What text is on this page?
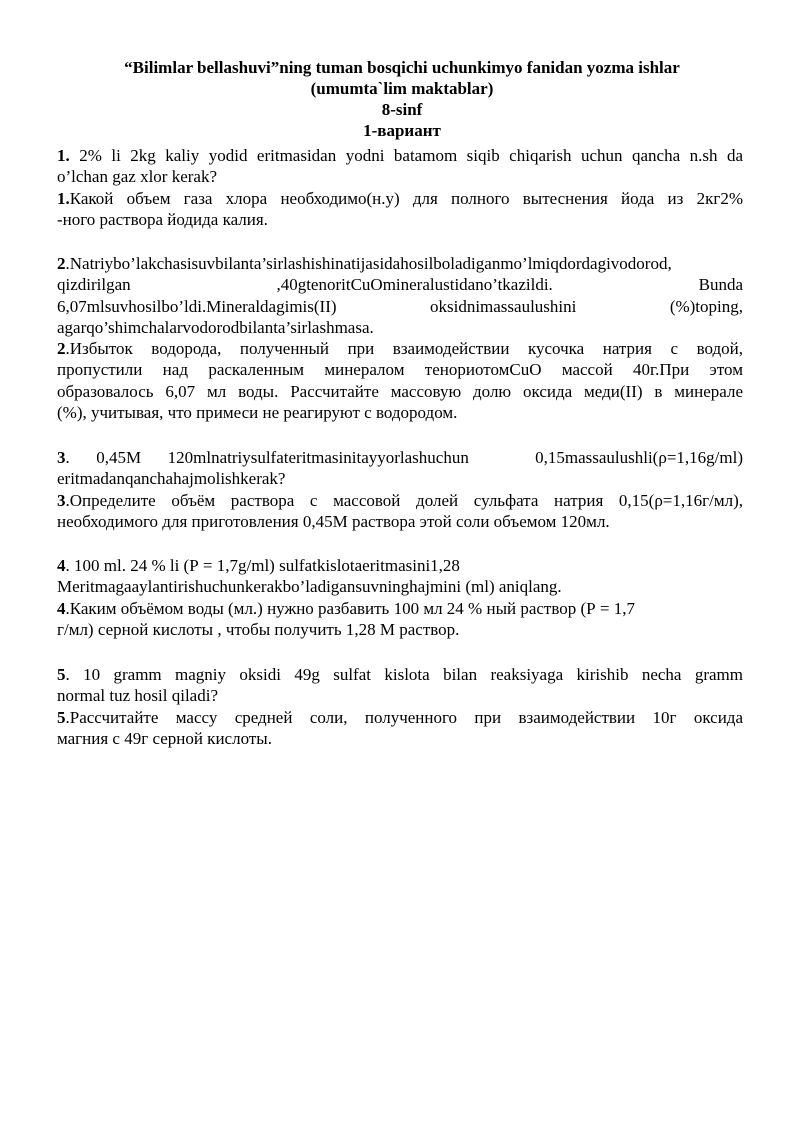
“Bilimlar bellashuvi”ning tuman bosqichi uchunkimyo fanidan yozma ishlar
(umumta`lim maktablar)
8-sinf
1-вариант

1. 2% li 2kg kaliy yodid eritmasidan yodni batamom siqib chiqarish uchun qancha n.sh da

o’lchan gaz xlor kerak?

1.Какой объем газа хлора необходимо(н.у) для полного вытеснения йода из 2кг2%

-ного раствора йодида калия.

2.Natriybo’lakchasisuvbilanta’sirlashishinatijasidahosilboladiganmo’lmiqdordagivodorod,

qizdirilgan                         ,40gtenoritCuOmineralustidano’tkazildi.                         Bunda

6,07mlsuvhosilbo’ldi.Mineraldagimis(II)                oksidnimassaulushini                (%)toping,

agarqo’shimchalarvodorodbilanta’sirlashmasa.

2.Избыток водорода, полученный при взаимодействии кусочка натрия с водой,

пропустили над раскаленным минералом тенориотомCuO массой 40г.При этом

образовалось 6,07 мл воды. Рассчитайте массовую долю оксида меди(II) в минерале

(%), учитывая, что примеси не реагируют с водородом.

3.  0,45M  120mlnatriysulfateritmasinitayyorlashuchun     0,15massaulushli(ρ=1,16g/ml)

eritmadanqanchahajmolishkerak?

3.Определите объём раствора с массовой долей сульфата натрия 0,15(ρ=1,16г/мл),

необходимого для приготовления 0,45М раствора этой соли объемом 120мл.

4. 100 ml. 24 % li (Ρ = 1,7g/ml) sulfatkislotaeritmasini1,28

Meritmagaaylantirishuchunkerakbo’ladigansuvninghajmini (ml) aniqlang.

4.Каким объёмом воды (мл.) нужно разбавить 100 мл 24 % ный раствор (Ρ = 1,7

г/мл) серной кислоты , чтобы получить 1,28 М раствор.

5.  10  gramm  magniy  oksidi  49g  sulfat  kislota  bilan  reaksiyaga  kirishib  necha  gramm

normal tuz hosil qiladi?

5.Рассчитайте  массу  средней  соли,  полученного  при  взаимодействии  10г  оксида

магния с 49г серной кислоты.
